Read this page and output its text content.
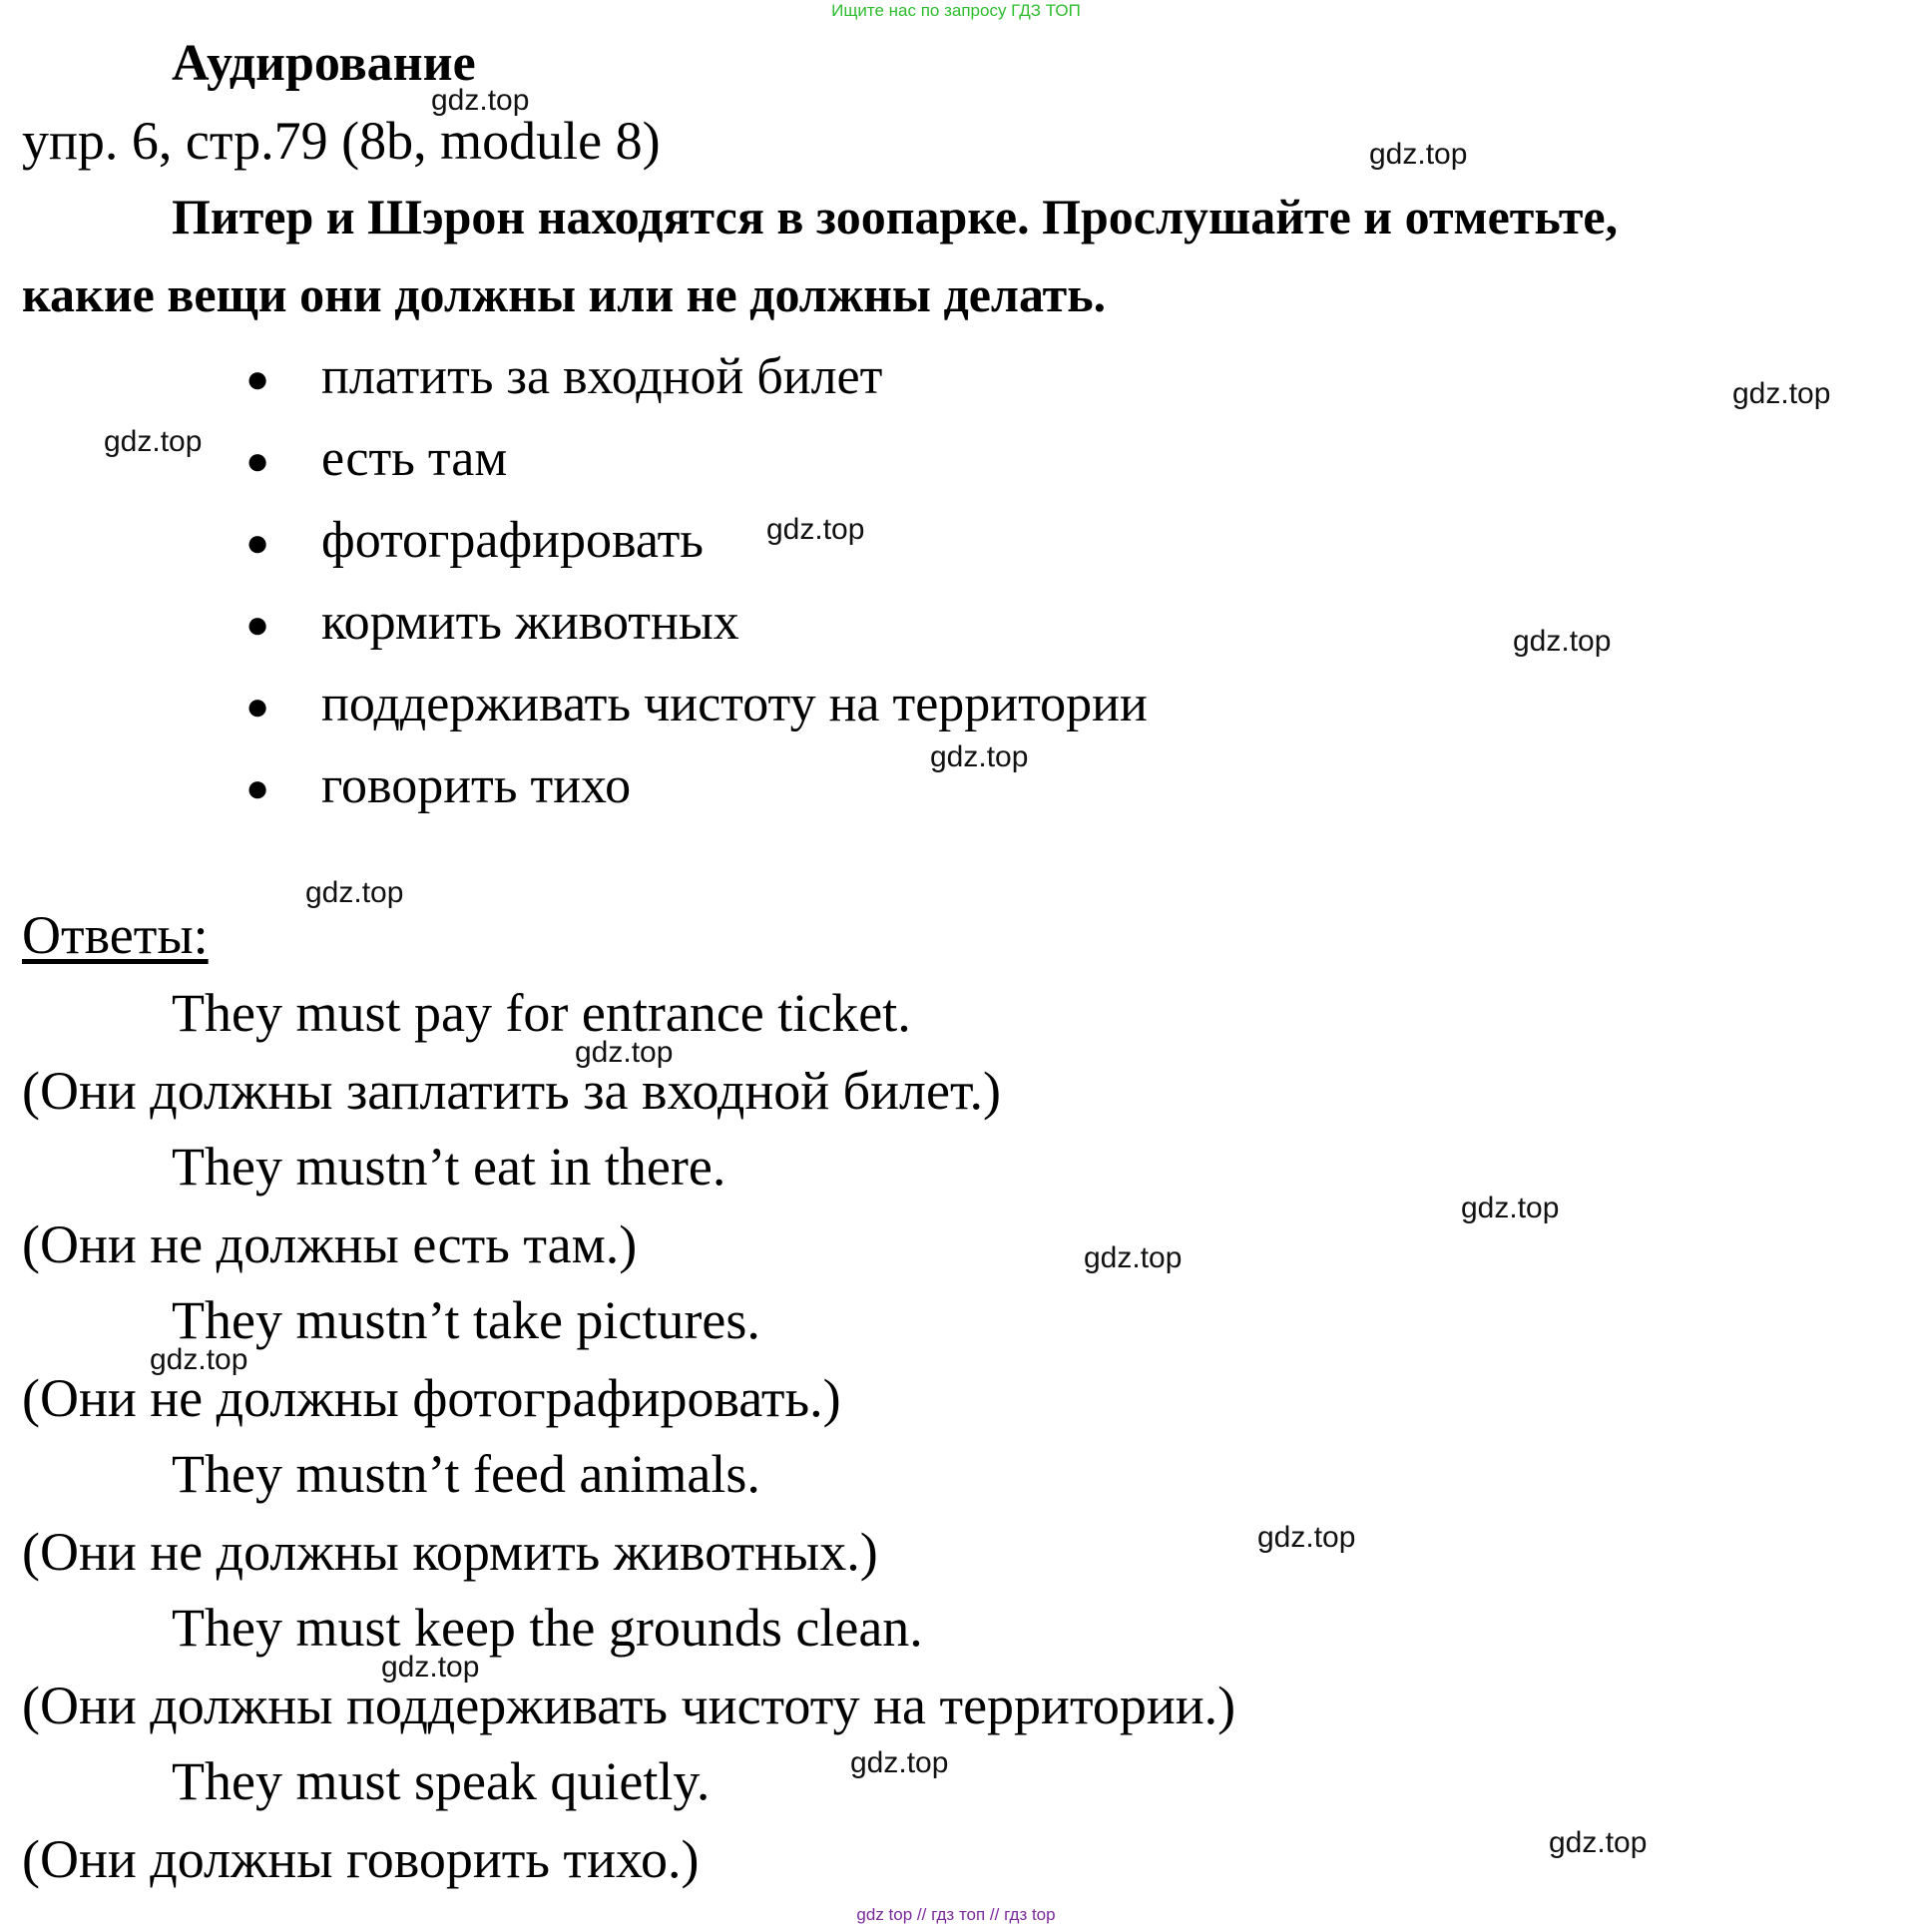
Ищите нас по запросу ГДЗ ТОП
Аудирование
упр. 6, стр.79 (8b, module 8)
Питер и Шэрон находятся в зоопарке. Прослушайте и отметьте,
какие вещи они должны или не должны делать.
● платить за входной билет
● есть там
● фотографировать
● кормить животных
● поддерживать чистоту на территории
● говорить тихо
Ответы:
They must pay for entrance ticket.
(Они должны заплатить за входной билет.)
They mustn’t eat in there.
(Они не должны есть там.)
They mustn’t take pictures.
(Они не должны фотографировать.)
They mustn’t feed animals.
(Они не должны кормить животных.)
They must keep the grounds clean.
(Они должны поддерживать чистоту на территории.)
They must speak quietly.
(Они должны говорить тихо.)
gdz.top
gdz.top
gdz.top
gdz.top
gdz.top
gdz.top
gdz.top
gdz.top
gdz.top
gdz.top
gdz.top
gdz.top
gdz.top
gdz.top
gdz.top
gdz.top
gdz top // гдз топ // гдз top
